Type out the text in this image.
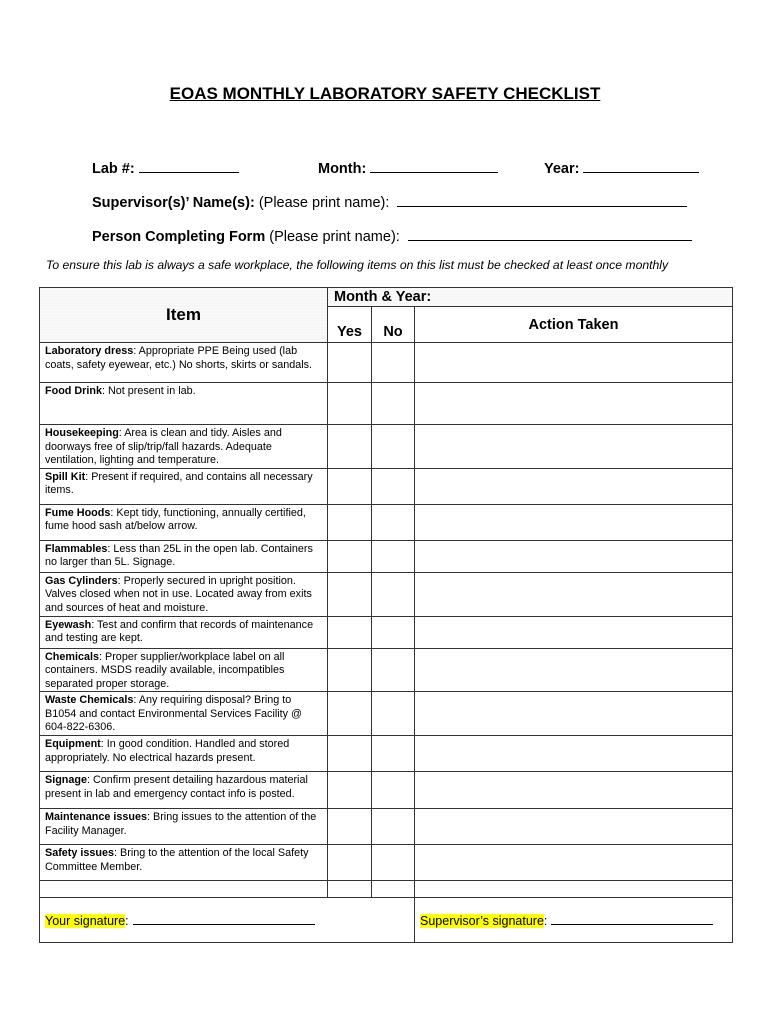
EOAS MONTHLY LABORATORY SAFETY CHECKLIST
Lab #:	Month:	Year:
Supervisor(s)’ Name(s): (Please print name):
Person Completing Form (Please print name):
To ensure this lab is always a safe workplace, the following items on this list must be checked at least once monthly
Item	Month & Year:		
	Yes	No	Action Taken
Laboratory dress: Appropriate PPE Being used (lab coats, safety eyewear, etc.) No shorts, skirts or sandals.			
Food Drink: Not present in lab.			
Housekeeping: Area is clean and tidy. Aisles and doorways free of slip/trip/fall hazards. Adequate ventilation, lighting and temperature.			
Spill Kit: Present if required, and contains all necessary items.			
Fume Hoods: Kept tidy, functioning, annually certified, fume hood sash at/below arrow.			
Flammables: Less than 25L in the open lab. Containers no larger than 5L. Signage.			
Gas Cylinders: Properly secured in upright position. Valves closed when not in use. Located away from exits and sources of heat and moisture.			
Eyewash: Test and confirm that records of maintenance and testing are kept.			
Chemicals: Proper supplier/workplace label on all containers. MSDS readily available, incompatibles separated proper storage.			
Waste Chemicals: Any requiring disposal? Bring to B1054 and contact Environmental Services Facility @ 604-822-6306.			
Equipment: In good condition. Handled and stored appropriately. No electrical hazards present.			
Signage: Confirm present detailing hazardous material present in lab and emergency contact info is posted.			
Maintenance issues: Bring issues to the attention of the Facility Manager.			
Safety issues: Bring to the attention of the local Safety Committee Member.			

Your signature:			Supervisor’s signature:
